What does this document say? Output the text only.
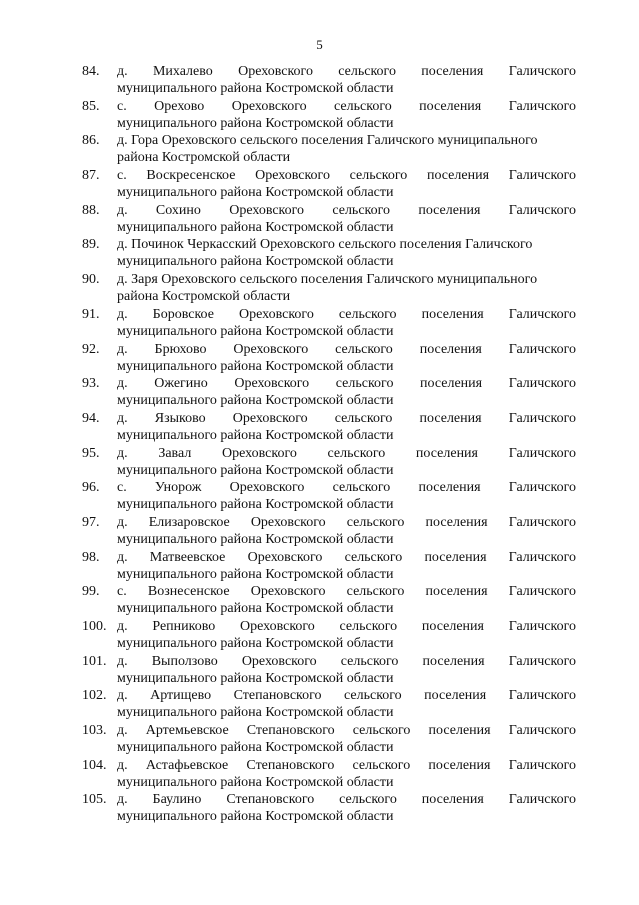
5
84.	д. Михалево Ореховского сельского поселения Галичского
муниципального района Костромской области
85.	с. Орехово Ореховского сельского поселения Галичского
муниципального района Костромской области
86.	д. Гора Ореховского сельского поселения Галичского муниципального
района Костромской области
87.	с. Воскресенское Ореховского сельского поселения Галичского
муниципального района Костромской области
88.	д. Сохино Ореховского сельского поселения Галичского
муниципального района Костромской области
89.	д. Починок Черкасский Ореховского сельского поселения Галичского
муниципального района Костромской области
90.	д. Заря Ореховского сельского поселения Галичского муниципального
района Костромской области
91.	д. Боровское Ореховского сельского поселения Галичского
муниципального района Костромской области
92.	д. Брюхово Ореховского сельского поселения Галичского
муниципального района Костромской области
93.	д. Ожегино Ореховского сельского поселения Галичского
муниципального района Костромской области
94.	д. Языково Ореховского сельского поселения Галичского
муниципального района Костромской области
95.	д. Завал Ореховского сельского поселения Галичского
муниципального района Костромской области
96.	с. Унорож Ореховского сельского поселения Галичского
муниципального района Костромской области
97.	д. Елизаровское Ореховского сельского поселения Галичского
муниципального района Костромской области
98.	д. Матвеевское Ореховского сельского поселения Галичского
муниципального района Костромской области
99.	с. Вознесенское Ореховского сельского поселения Галичского
муниципального района Костромской области
100. д. Репниково Ореховского сельского поселения Галичского
муниципального района Костромской области
101. д. Выползово Ореховского сельского поселения Галичского
муниципального района Костромской области
102. д. Артищево Степановского сельского поселения Галичского
муниципального района Костромской области
103. д. Артемьевское Степановского сельского поселения Галичского
муниципального района Костромской области
104. д. Астафьевское Степановского сельского поселения Галичского
муниципального района Костромской области
105. д. Баулино Степановского сельского поселения Галичского
муниципального района Костромской области
